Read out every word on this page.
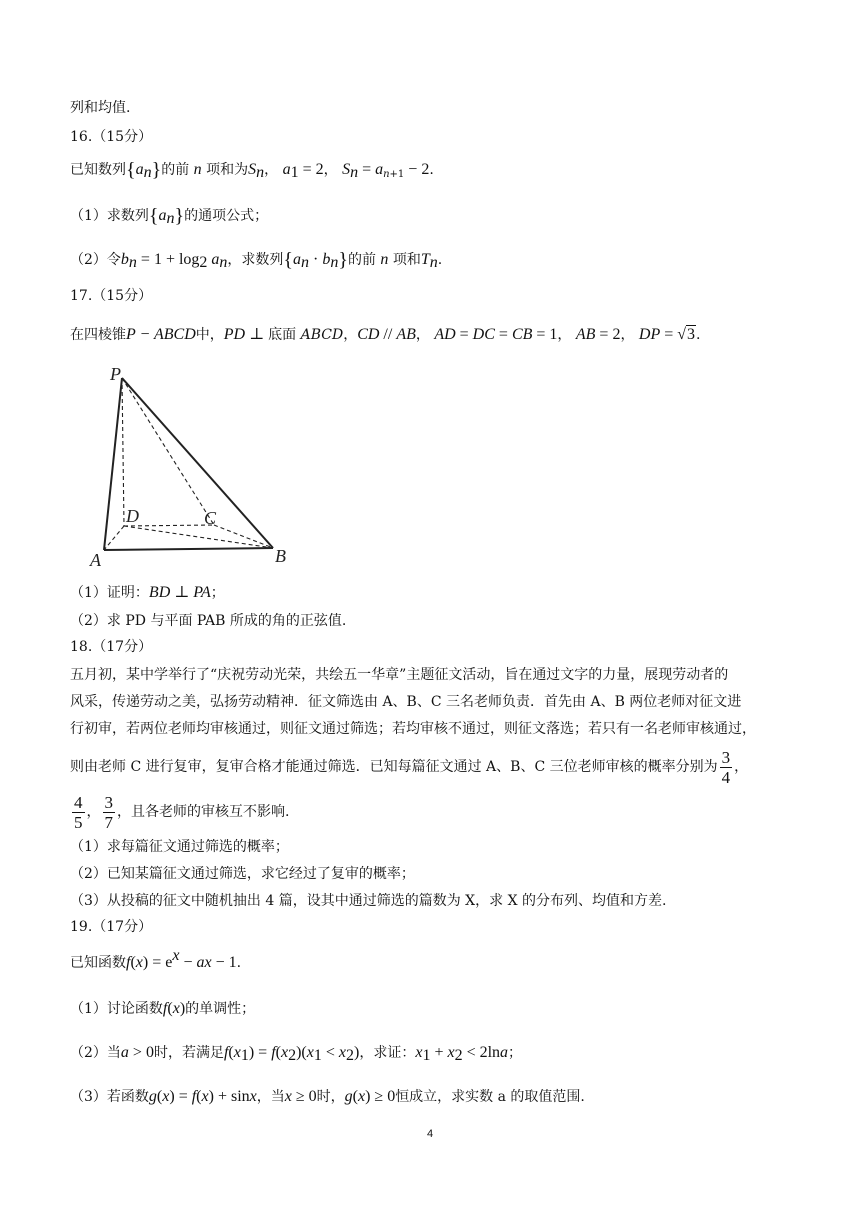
列和均值.
16.（15分）
已知数列$\{a_n\}$的前 n 项和为$S_n$， $a_1 = 2$， $S_n = a_{n+1} - 2$.
（1）求数列$\{a_n\}$的通项公式；
（2）令$b_n = 1 + \log_2 a_n$，求数列$\{a_n \cdot b_n\}$的前 n 项和$T_n$.
17.（15分）
在四棱锥P − ABCD中，PD ⊥ 底面 ABCD，CD // AB， AD = DC = CB = 1， AB = 2， DP = √3.
P
A	B
C
D
（1）证明：BD ⊥ PA；
（2）求 PD 与平面 PAB 所成的角的正弦值.
18.（17分）
五月初，某中学举行了“庆祝劳动光荣，共绘五一华章”主题征文活动，旨在通过文字的力量，展现劳动者的
风采，传递劳动之美，弘扬劳动精神．征文筛选由 A、B、C 三名老师负责．首先由 A、B 两位老师对征文进
行初审，若两位老师均审核通过，则征文通过筛选；若均审核不通过，则征文落选；若只有一名老师审核通过，
则由老师 C 进行复审，复审合格才能通过筛选．已知每篇征文通过 A、B、C 三位老师审核的概率分别为 $\frac{3}{4}$ ，
$\frac{4}{5}$ ， $\frac{3}{7}$ ，且各老师的审核互不影响.
（1）求每篇征文通过筛选的概率；
（2）已知某篇征文通过筛选，求它经过了复审的概率；
（3）从投稿的征文中随机抽出 4 篇，设其中通过筛选的篇数为 X，求 X 的分布列、均值和方差.
19.（17分）
已知函数$f(x) = e^x$ − ax − 1.
（1）讨论函数f(x)的单调性；
（2）当a > 0时，若满足$f(x_1) = f(x_2)(x_1 < x_2)$，求证：$x_1 + x_2 < 2\ln a$；
（3）若函数g(x) = f(x) + sinx，当x ≥ 0时，g(x) ≥ 0恒成立，求实数 a 的取值范围.
4
